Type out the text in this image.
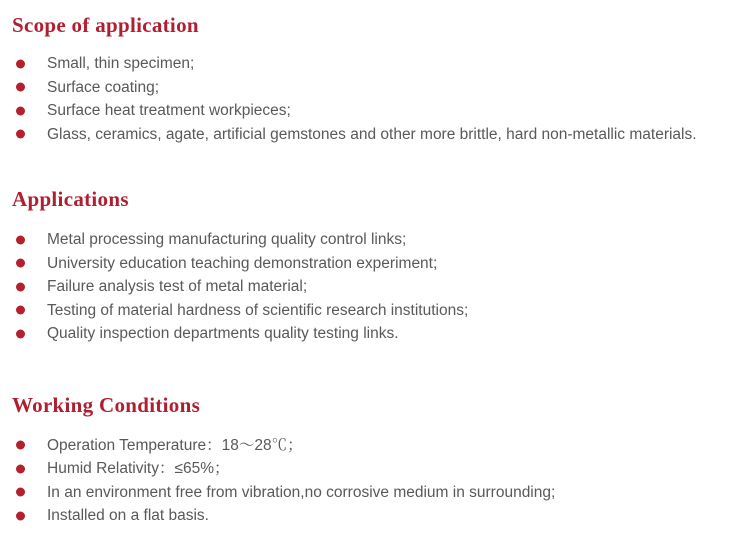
Scope of application
Small, thin specimen;
Surface coating;
Surface heat treatment workpieces;
Glass, ceramics, agate, artificial gemstones and other more brittle, hard non-metallic materials.
Applications
Metal processing manufacturing quality control links;
University education teaching demonstration experiment;
Failure analysis test of metal material;
Testing of material hardness of scientific research institutions;
Quality inspection departments quality testing links.
Working Conditions
Operation Temperature：18～28℃；
Humid Relativity：≤65%；
In an environment free from vibration,no corrosive medium in surrounding;
Installed on a flat basis.
